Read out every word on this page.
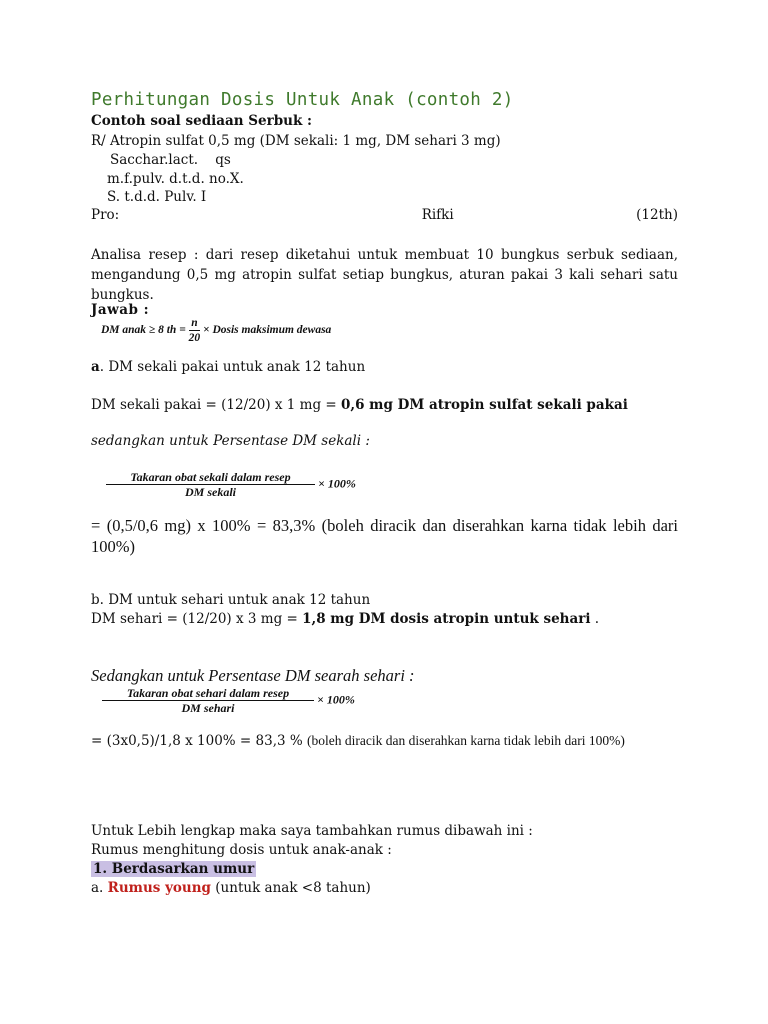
Perhitungan Dosis Untuk Anak (contoh 2)
Contoh soal sediaan Serbuk :
R/ Atropin sulfat 0,5 mg (DM sekali: 1 mg, DM sehari 3 mg)
Sacchar.lact.    qs
m.f.pulv. d.t.d. no.X.
S. t.d.d. Pulv. I
Pro:	Rifki	(12th)
Analisa resep : dari resep diketahui untuk membuat 10 bungkus serbuk sediaan, mengandung 0,5 mg atropin sulfat setiap bungkus, aturan pakai 3 kali sehari satu bungkus.
Jawab :
DM anak ≥ 8 th = $\frac{n}{20}$ × Dosis maksimum dewasa
a. DM sekali pakai untuk anak 12 tahun
DM sekali pakai = (12/20) x 1 mg = 0,6 mg DM atropin sulfat sekali pakai
sedangkan untuk Persentase DM sekali :
$\frac{\text{Takaran obat sekali dalam resep}}{\text{DM sekali}} \times 100\%$
= (0,5/0,6 mg) x 100% = 83,3% (boleh diracik dan diserahkan karna tidak lebih dari 100%)
b. DM untuk sehari untuk anak 12 tahun
DM sehari = (12/20) x 3 mg = 1,8 mg DM dosis atropin untuk sehari .
Sedangkan untuk Persentase DM searah sehari :
$\frac{\text{Takaran obat sehari dalam resep}}{\text{DM sehari}} \times 100\%$
= (3x0,5)/1,8 x 100% = 83,3 % (boleh diracik dan diserahkan karna tidak lebih dari 100%)
Untuk Lebih lengkap maka saya tambahkan rumus dibawah ini :
Rumus menghitung dosis untuk anak-anak :
1. Berdasarkan umur
a. Rumus young (untuk anak <8 tahun)
